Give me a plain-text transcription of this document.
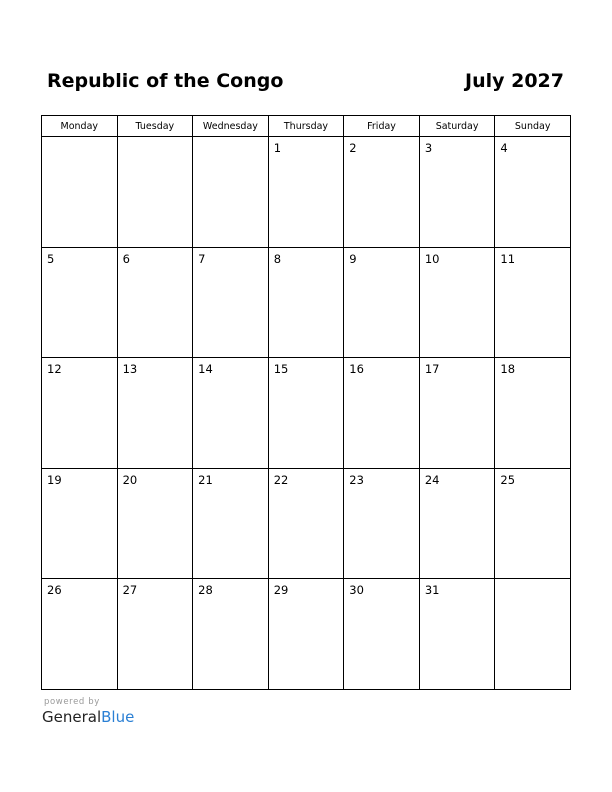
Republic of the Congo	July 2027
Monday	Tuesday	Wednesday	Thursday	Friday	Saturday	Sunday

			1	2	3	4

5	6	7	8	9	10	11

12	13	14	15	16	17	18

19	20	21	22	23	24	25

26	27	28	29	30	31	

powered by
GeneralBlue
